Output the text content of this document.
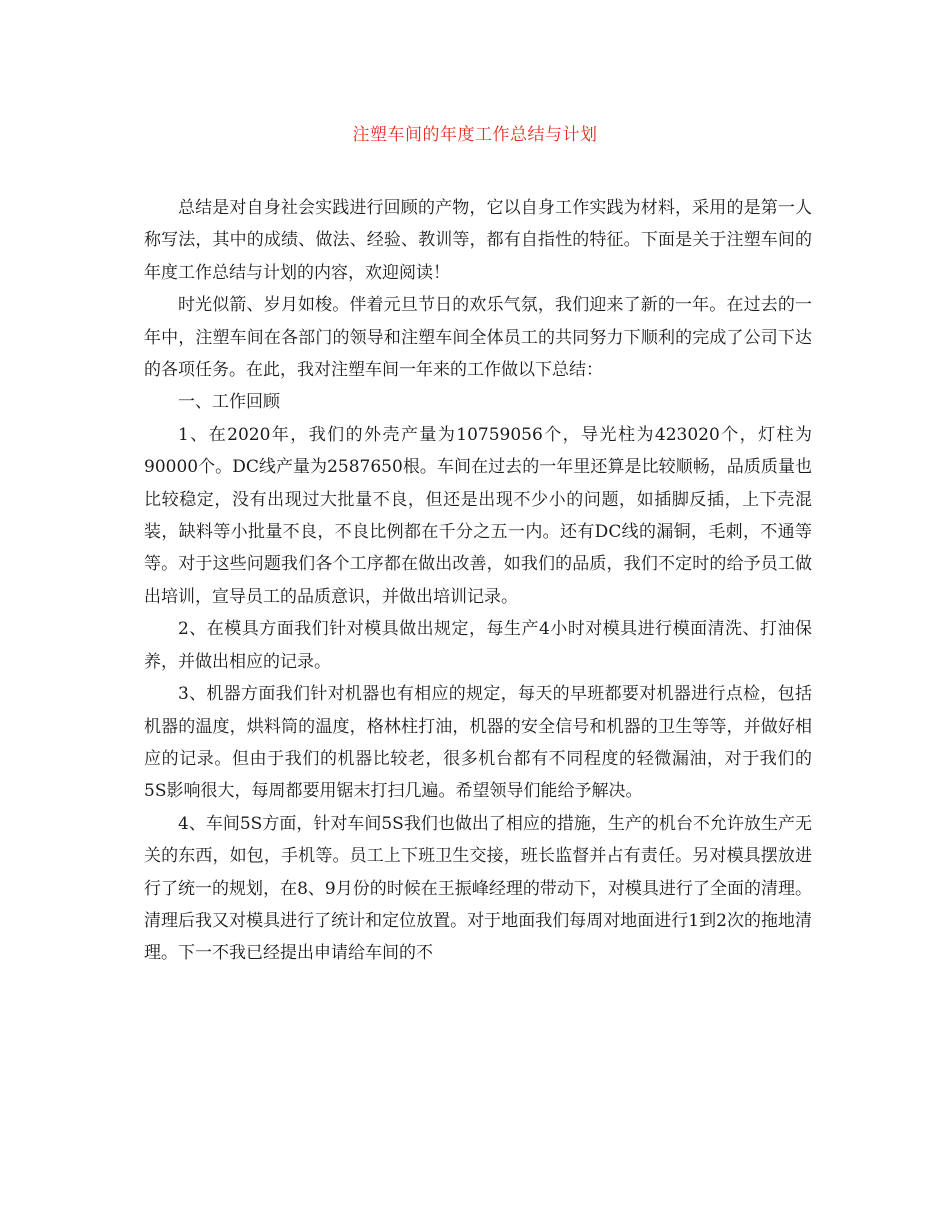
注塑车间的年度工作总结与计划

总结是对自身社会实践进行回顾的产物，它以自身工作实践为材料，采用的是第一人称写法，其中的成绩、做法、经验、教训等，都有自指性的特征。下面是关于注塑车间的年度工作总结与计划的内容，欢迎阅读！

时光似箭、岁月如梭。伴着元旦节日的欢乐气氛，我们迎来了新的一年。在过去的一年中，注塑车间在各部门的领导和注塑车间全体员工的共同努力下顺利的完成了公司下达的各项任务。在此，我对注塑车间一年来的工作做以下总结：

一、工作回顾

1、在2020年，我们的外壳产量为10759056个，导光柱为423020个，灯柱为90000个。DC线产量为2587650根。车间在过去的一年里还算是比较顺畅，品质质量也比较稳定，没有出现过大批量不良，但还是出现不少小的问题，如插脚反插，上下壳混装，缺料等小批量不良，不良比例都在千分之五一内。还有DC线的漏铜，毛刺，不通等等。对于这些问题我们各个工序都在做出改善，如我们的品质，我们不定时的给予员工做出培训，宣导员工的品质意识，并做出培训记录。

2、在模具方面我们针对模具做出规定，每生产4小时对模具进行模面清洗、打油保养，并做出相应的记录。

3、机器方面我们针对机器也有相应的规定，每天的早班都要对机器进行点检，包括机器的温度，烘料筒的温度，格林柱打油，机器的安全信号和机器的卫生等等，并做好相应的记录。但由于我们的机器比较老，很多机台都有不同程度的轻微漏油，对于我们的5S影响很大，每周都要用锯末打扫几遍。希望领导们能给予解决。

4、车间5S方面，针对车间5S我们也做出了相应的措施，生产的机台不允许放生产无关的东西，如包，手机等。员工上下班卫生交接，班长监督并占有责任。另对模具摆放进行了统一的规划，在8、9月份的时候在王振峰经理的带动下，对模具进行了全面的清理。清理后我又对模具进行了统计和定位放置。对于地面我们每周对地面进行1到2次的拖地清理。下一不我已经提出申请给车间的不
